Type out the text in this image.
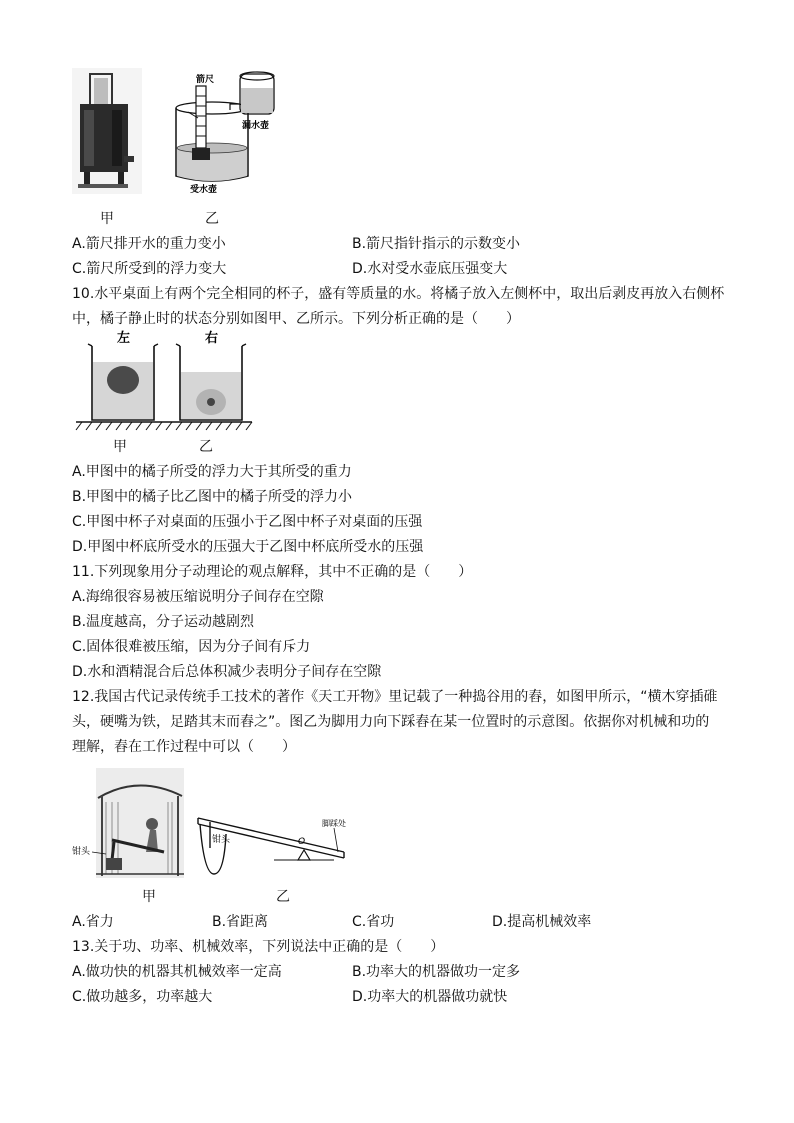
箭尺
漏水壶
受水壶
甲	乙
A.箭尺排开水的重力变小	B.箭尺指针指示的示数变小
C.箭尺所受到的浮力变大	D.水对受水壶底压强变大
10.水平桌面上有两个完全相同的杯子，盛有等质量的水。将橘子放入左侧杯中，取出后剥皮再放入右侧杯
中，橘子静止时的状态分别如图甲、乙所示。下列分析正确的是（　　）
左	右
甲	乙
A.甲图中的橘子所受的浮力大于其所受的重力
B.甲图中的橘子比乙图中的橘子所受的浮力小
C.甲图中杯子对桌面的压强小于乙图中杯子对桌面的压强
D.甲图中杯底所受水的压强大于乙图中杯底所受水的压强
11.下列现象用分子动理论的观点解释，其中不正确的是（　　）
A.海绵很容易被压缩说明分子间存在空隙
B.温度越高，分子运动越剧烈
C.固体很难被压缩，因为分子间有斥力
D.水和酒精混合后总体积减少表明分子间存在空隙
12.我国古代记录传统手工技术的著作《天工开物》里记载了一种捣谷用的舂，如图甲所示，“横木穿插碓
头，硬嘴为铁，足踏其末而舂之”。图乙为脚用力向下踩舂在某一位置时的示意图。依据你对机械和功的
理解，舂在工作过程中可以（　　）
钳头
钳头	O
脚踩处
甲	乙
A.省力	B.省距离	C.省功	D.提高机械效率
13.关于功、功率、机械效率，下列说法中正确的是（　　）
A.做功快的机器其机械效率一定高	B.功率大的机器做功一定多
C.做功越多，功率越大	D.功率大的机器做功就快
